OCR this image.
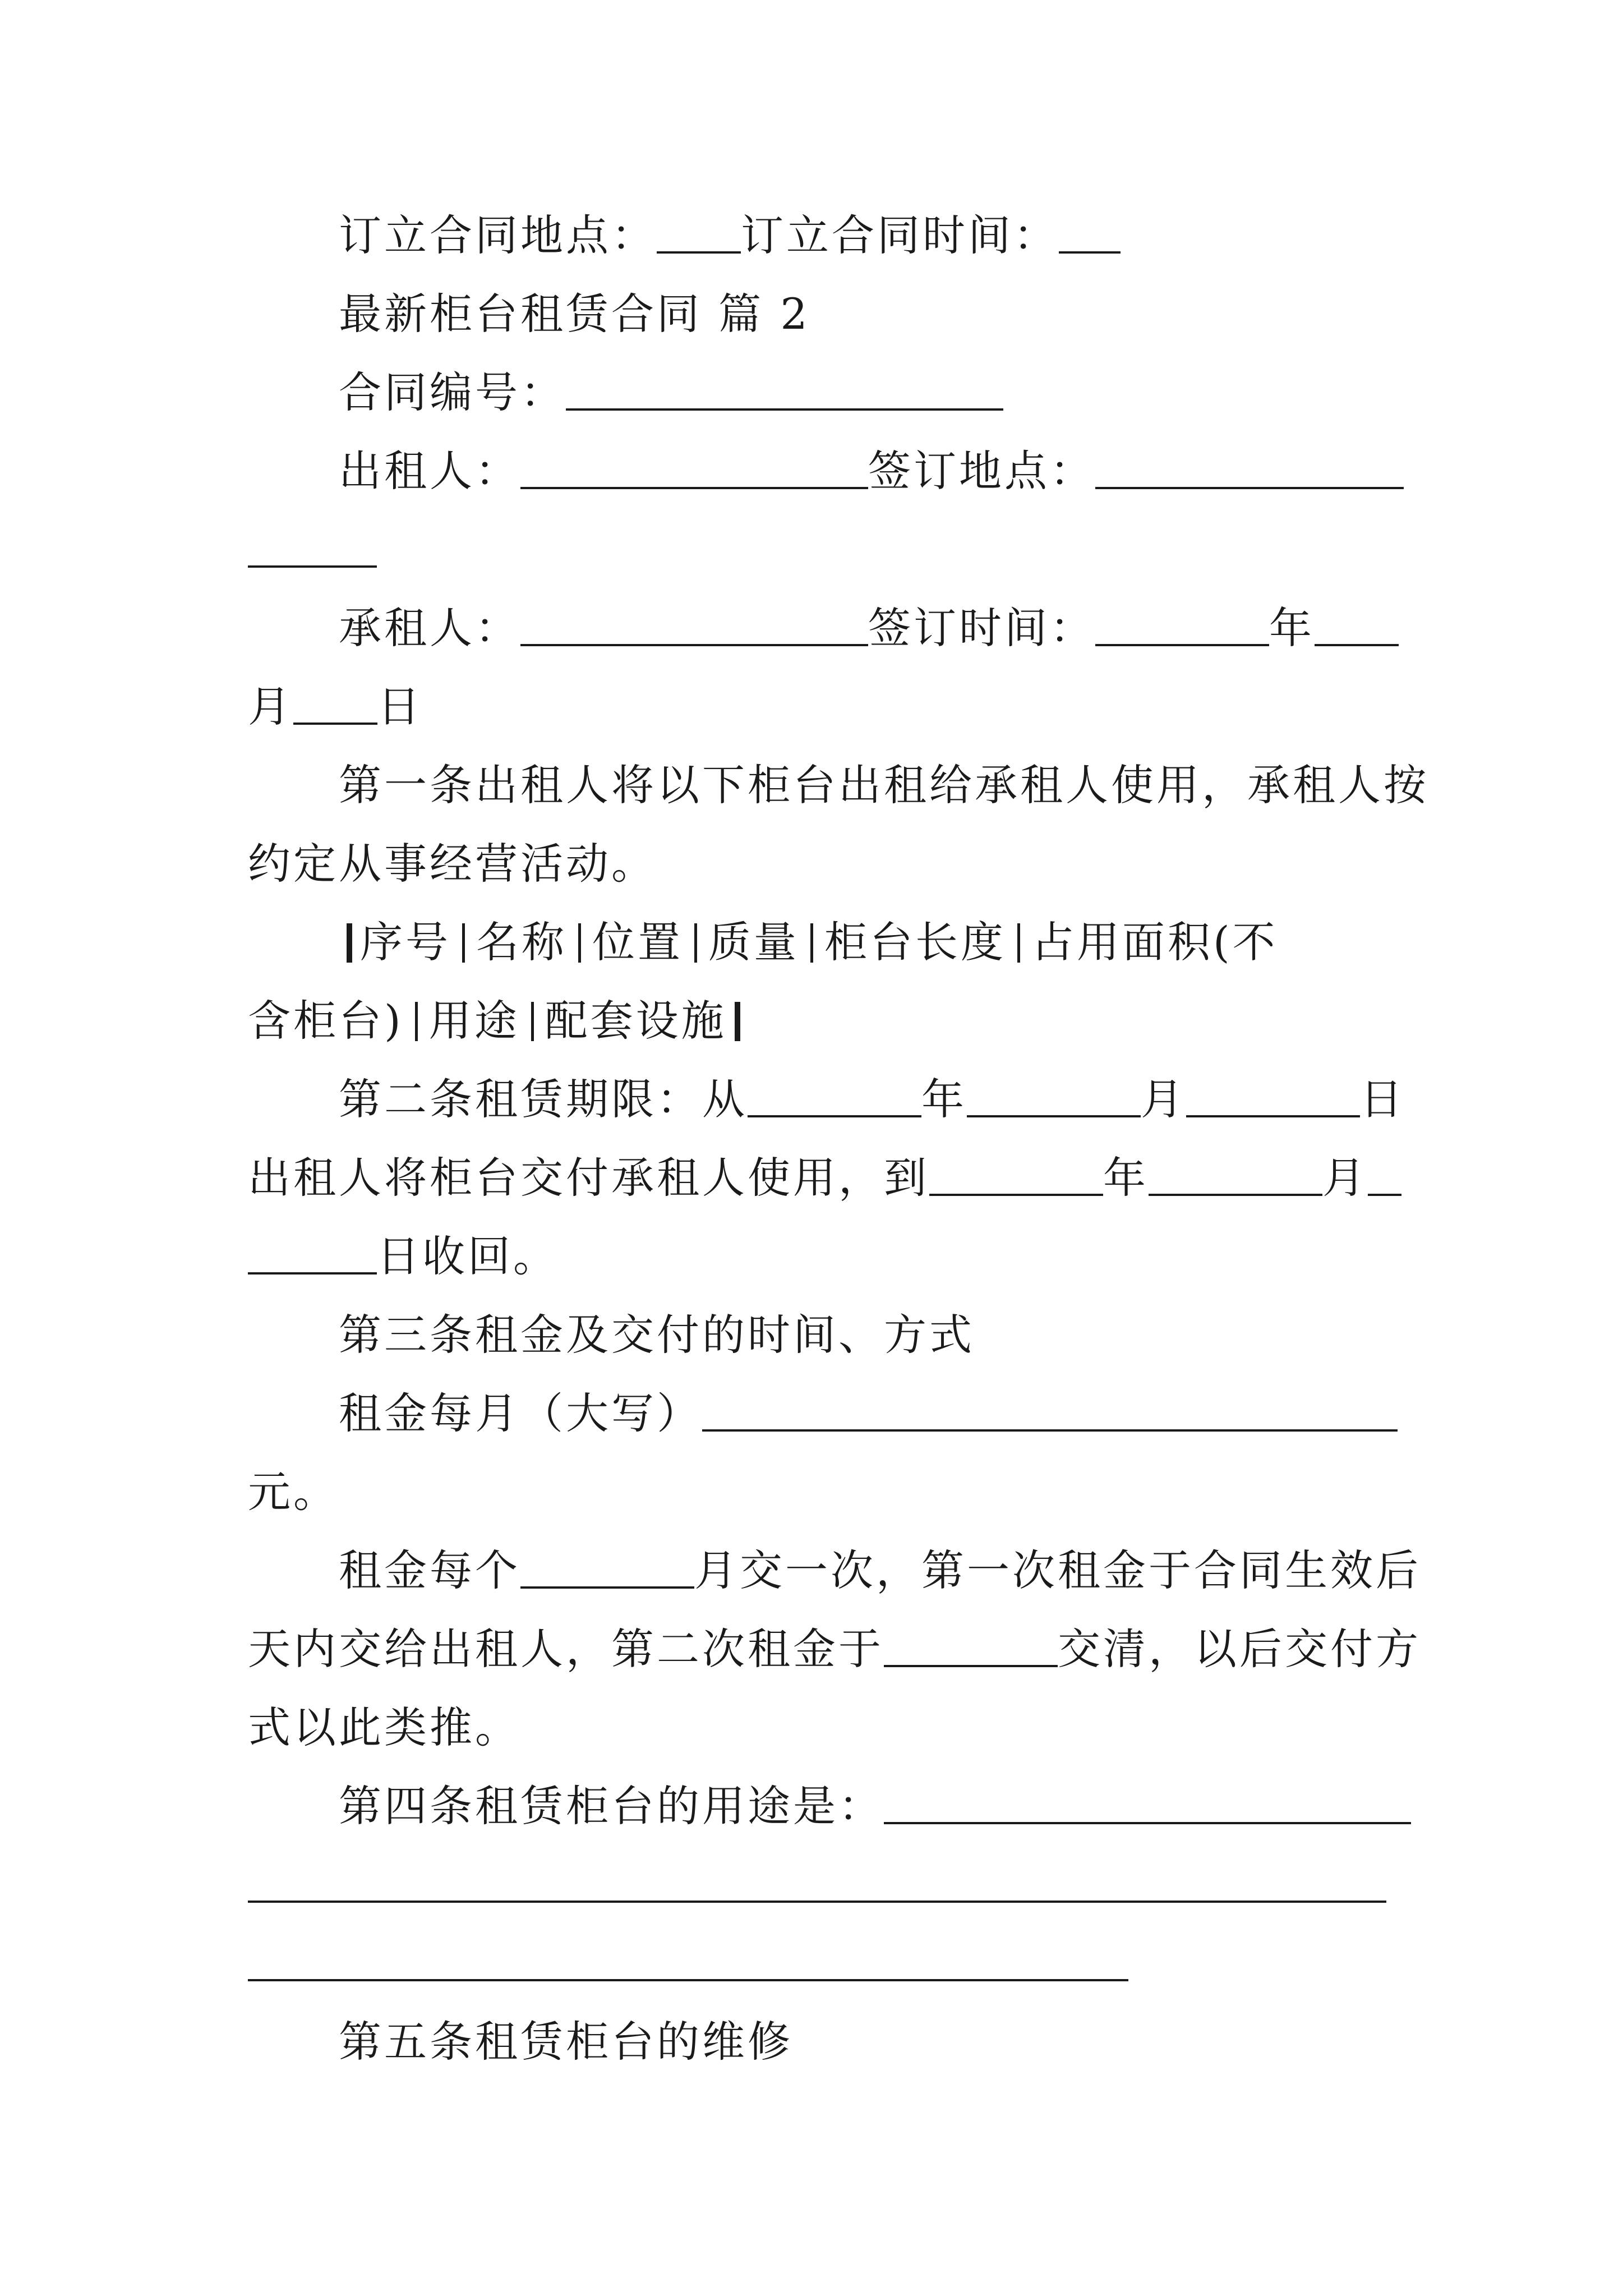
订立合同地点： 订立合同时间：
最新柜台租赁合同 篇 2
合同编号：
出租人：	签订地点：
承租人：	签订时间：	年
月 日
第一条出租人将以下柜台出租给承租人使用，承租人按
约定从事经营活动。
序号 名称 位置 质量 柜台长度 占用面积(不
含柜台) 用途 配套设施
第二条租赁期限：从	年	月	日
出租人将柜台交付承租人使用，到	年	月
日收回。
第三条租金及交付的时间、方式
租金每月（大写）
元。
租金每个	月交一次，第一次租金于合同生效后
天内交给出租人，第二次租金于	交清，以后交付方
式以此类推。
第四条租赁柜台的用途是：
第五条租赁柜台的维修
